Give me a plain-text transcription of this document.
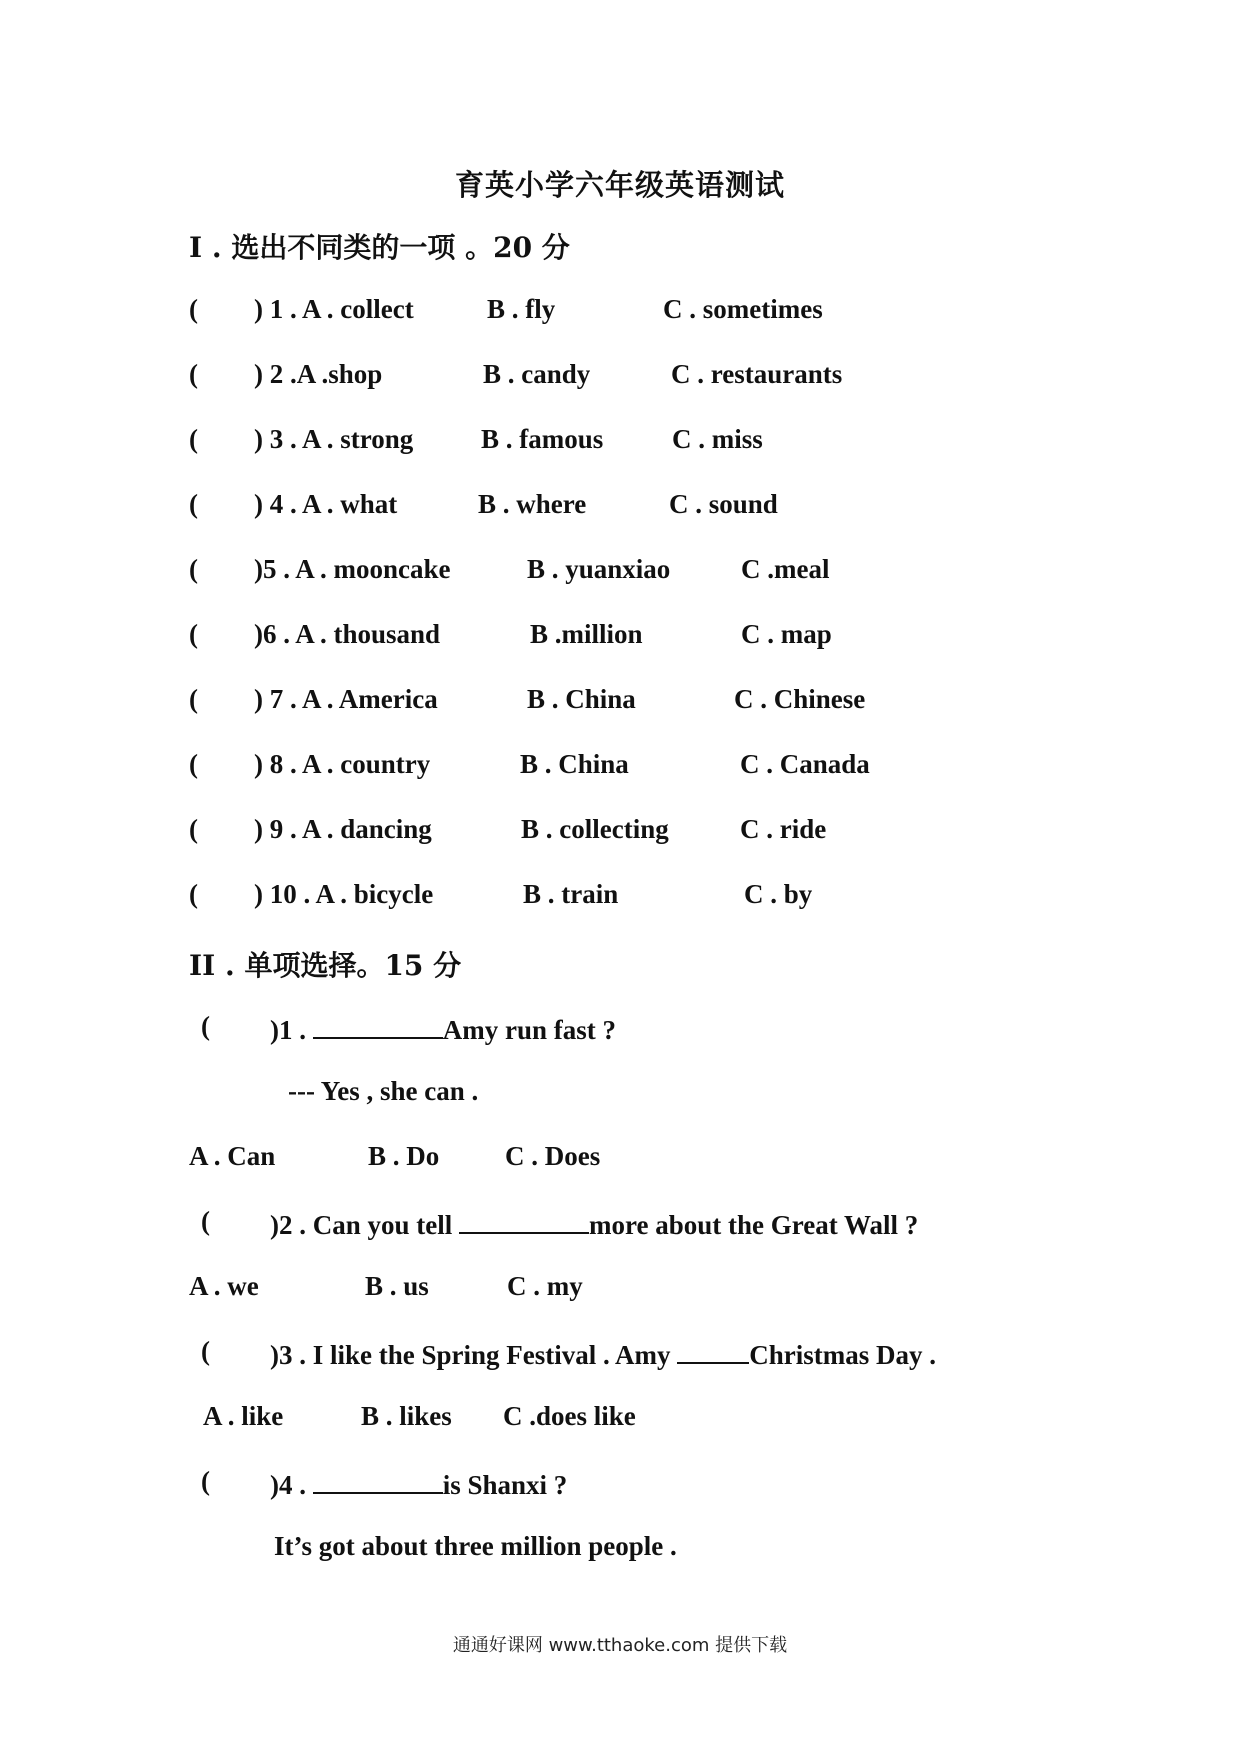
育英小学六年级英语测试
I . 选出不同类的一项 。20 分
( ) 1 . A . collect	B . fly	C . sometimes
( ) 2 .A .shop	B . candy	C . restaurants
( ) 3 . A . strong	B . famous	C . miss
( ) 4 . A . what	B . where	C . sound
( )5 . A . mooncake	B . yuanxiao	C .meal
( )6 . A . thousand	B .million	C . map
( ) 7 . A . America	B . China	C . Chinese
( ) 8 . A . country	B . China	C . Canada
( ) 9 . A . dancing	B . collecting	C . ride
( ) 10 . A . bicycle	B . train	C . by
II . 单项选择。15 分
( )1 .	Amy run fast ?
--- Yes , she can .
A . Can	B . Do C . Does
( )2 . Can you tell	more about the Great Wall ?
A . we	B . us	C . my
( )3 . I like the Spring Festival . Amy	Christmas Day .
A . like	B . likes C .does like
( )4 .	is Shanxi ?
It’s got about three million people .
通通好课网 www.tthaoke.com 提供下载
